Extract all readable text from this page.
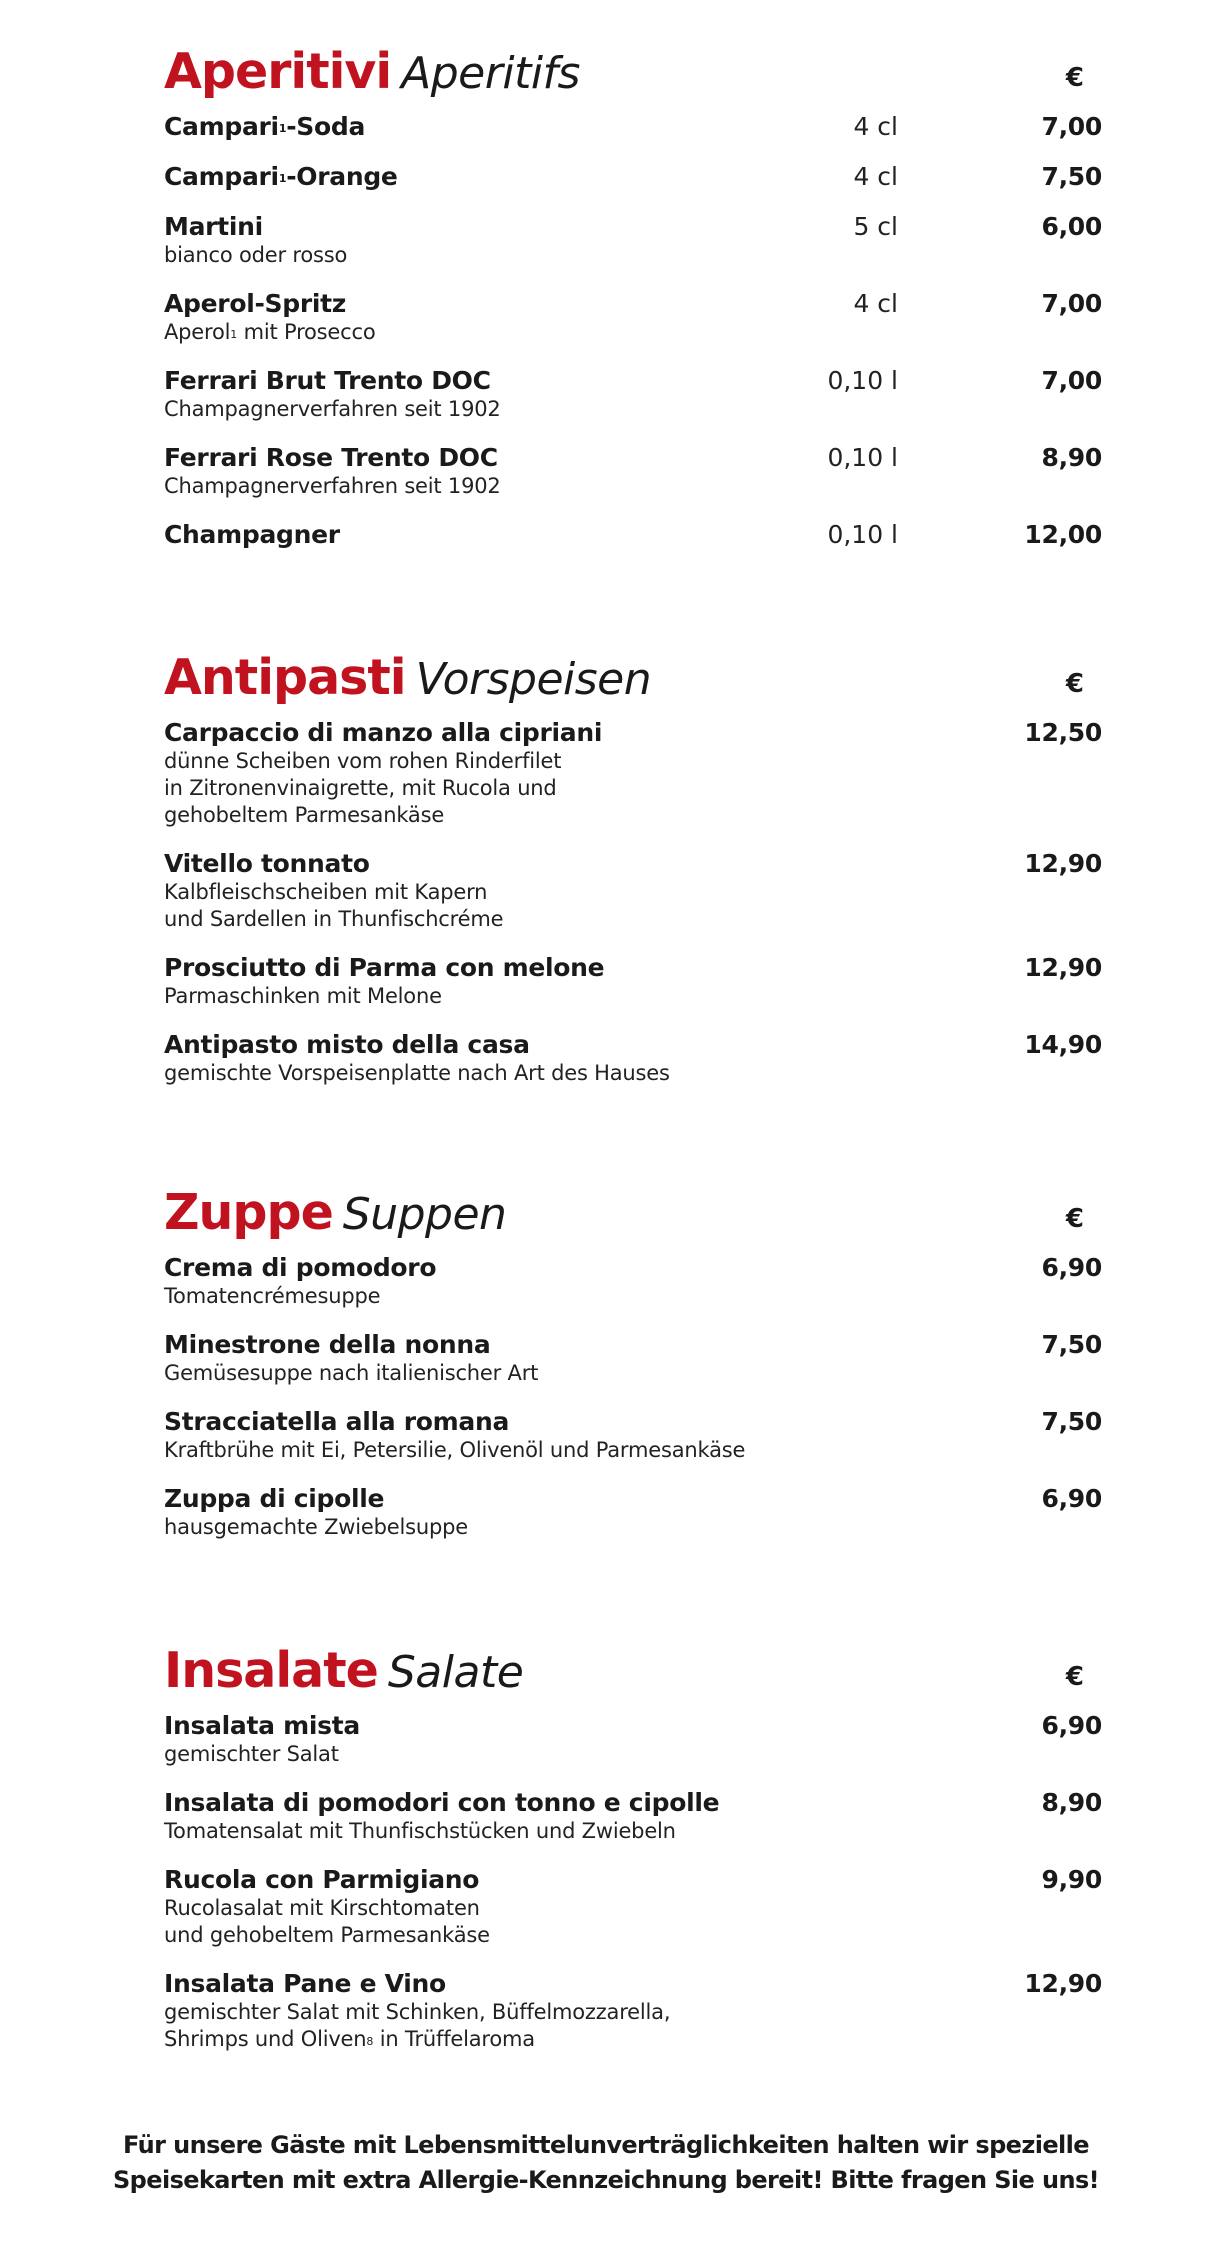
Aperitivi Aperitifs	€
Campari$^1$-Soda	4 cl	7,00
Campari$^1$-Orange	4 cl	7,50
Martini
bianco oder rosso
5 cl	6,00
Aperol-Spritz
Aperol$^1$ mit Prosecco
4 cl	7,00
Ferrari Brut Trento DOC
Champagnerverfahren seit 1902
0,10 l	7,00
Ferrari Rose Trento DOC
Champagnerverfahren seit 1902
0,10 l	8,90
Champagner	0,10 l	12,00
Antipasti Vorspeisen	€
Carpaccio di manzo alla cipriani
dünne Scheiben vom rohen Rinderfilet
in Zitronenvinaigrette, mit Rucola und
gehobeltem Parmesankäse
12,50
Vitello tonnato
Kalbfleischscheiben mit Kapern
und Sardellen in Thunfischcréme
12,90
Prosciutto di Parma con melone
Parmaschinken mit Melone
12,90
Antipasto misto della casa
gemischte Vorspeisenplatte nach Art des Hauses
14,90
Zuppe Suppen	€
Crema di pomodoro
Tomatencrémesuppe
6,90
Minestrone della nonna
Gemüsesuppe nach italienischer Art
7,50
Stracciatella alla romana
Kraftbrühe mit Ei, Petersilie, Olivenöl und Parmesankäse
7,50
Zuppa di cipolle
hausgemachte Zwiebelsuppe
6,90
Insalate Salate	€
Insalata mista
gemischter Salat
6,90
Insalata di pomodori con tonno e cipolle
Tomatensalat mit Thunfischstücken und Zwiebeln
8,90
Rucola con Parmigiano
Rucolasalat mit Kirschtomaten
und gehobeltem Parmesankäse
9,90
Insalata Pane e Vino
gemischter Salat mit Schinken, Büffelmozzarella,
Shrimps und Oliven$^8$ in Trüffelaroma
12,90
Für unsere Gäste mit Lebensmittelunverträglichkeiten halten wir spezielle
Speisekarten mit extra Allergie-Kennzeichnung bereit! Bitte fragen Sie uns!
